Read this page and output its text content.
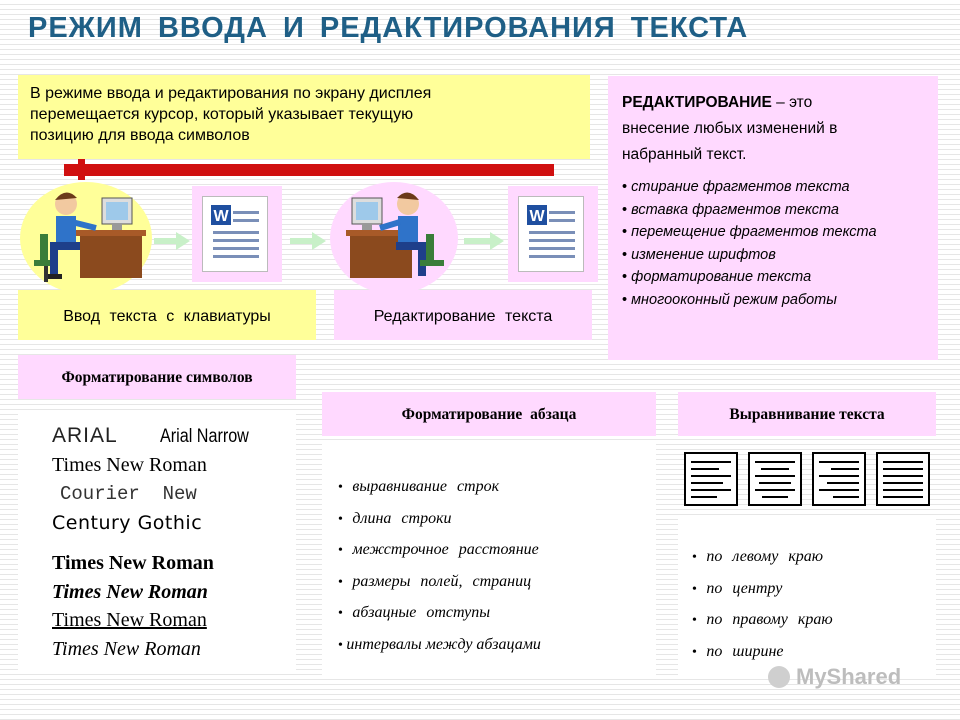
РЕЖИМ ВВОДА И РЕДАКТИРОВАНИЯ ТЕКСТА
В режиме ввода и редактирования по экрану дисплея
перемещается курсор, который указывает текущую
позицию для ввода символов
РЕДАКТИРОВАНИЕ – это
внесение любых изменений в
набранный текст.
• стирание фрагментов текста
• вставка фрагментов текста
• перемещение фрагментов текста
• изменение шрифтов
• форматирование текста
• многооконный режим работы
W	W
Ввод текста с клавиатуры	Редактирование текста
Форматирование символов
ARIAL Arial Narrow
Times New Roman
Courier  New
Century Gothic
Times New Roman
Times New Roman
Times New Roman
Times New Roman
Форматирование абзаца
• выравнивание строк
• длина строки
• межстрочное расстояние
• размеры полей, страниц
• абзацные отступы
• интервалы между абзацами
Выравнивание текста
• по левому краю
• по центру
• по правому краю
• по ширине
MyShared
